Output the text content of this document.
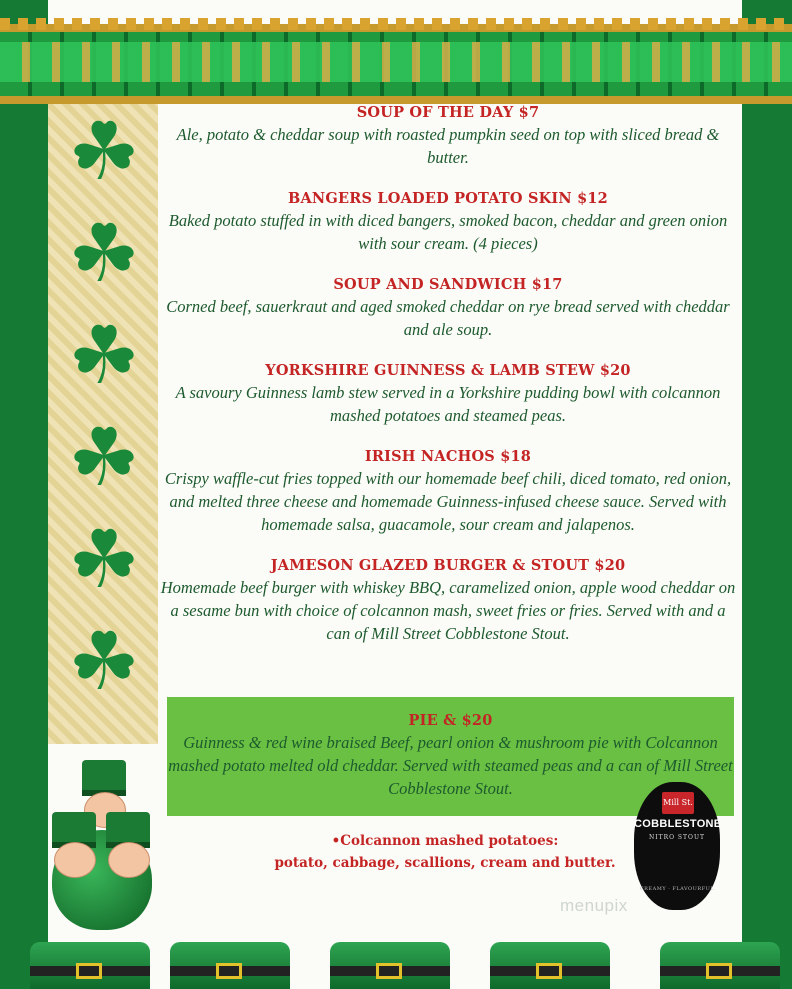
☘
☘
☘
☘
☘
☘
SOUP OF THE DAY $7
Ale, potato & cheddar soup with roasted pumpkin seed on top with sliced bread & butter.
BANGERS LOADED POTATO SKIN $12
Baked potato stuffed in with diced bangers, smoked bacon, cheddar and green onion with sour cream. (4 pieces)
SOUP AND SANDWICH $17
Corned beef, sauerkraut and aged smoked cheddar on rye bread served with cheddar and ale soup.
YORKSHIRE GUINNESS & LAMB STEW $20
A savoury Guinness lamb stew served in a Yorkshire pudding bowl with colcannon mashed potatoes and steamed peas.
IRISH NACHOS $18
Crispy waffle-cut fries topped with our homemade beef chili, diced tomato, red onion, and melted three cheese and homemade Guinness-infused cheese sauce. Served with homemade salsa, guacamole, sour cream and jalapenos.
JAMESON GLAZED BURGER & STOUT $20
Homemade beef burger with whiskey BBQ, caramelized onion, apple wood cheddar on a sesame bun with choice of colcannon mash, sweet fries or fries. Served with and a can of Mill Street Cobblestone Stout.
PIE & $20
Guinness & red wine braised Beef, pearl onion & mushroom pie with Colcannon mashed potato melted old cheddar. Served with steamed peas and a can of Mill Street Cobblestone Stout.
•Colcannon mashed potatoes:
potato, cabbage, scallions, cream and butter.
Mill St.
COBBLESTONE
NITRO STOUT
CREAMY · FLAVOURFUL
menupix
